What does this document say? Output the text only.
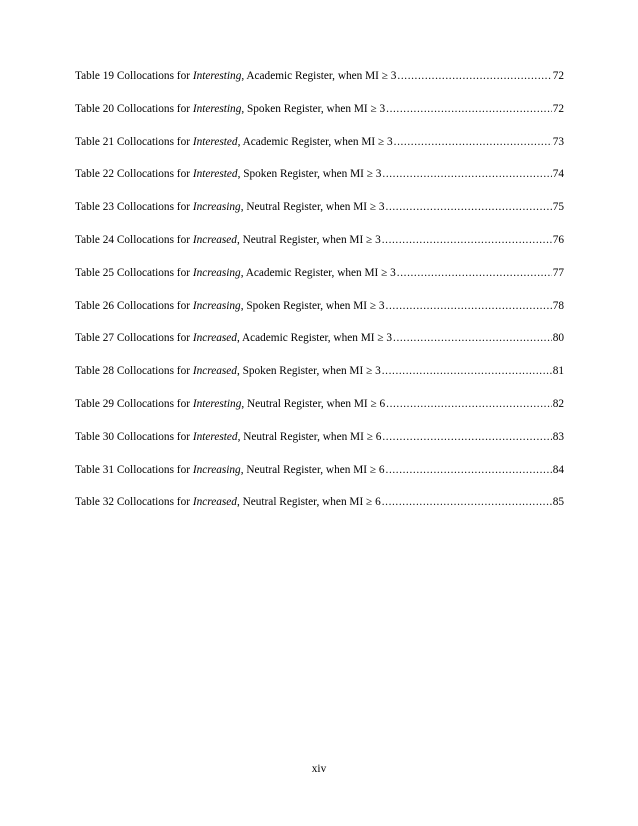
Table 19 Collocations for Interesting, Academic Register, when MI ≥ 3 .....	72
Table 20 Collocations for Interesting, Spoken Register, when MI ≥ 3 .....	72
Table 21 Collocations for Interested, Academic Register, when MI ≥ 3 .....	73
Table 22 Collocations for Interested, Spoken Register, when MI ≥ 3 .....	74
Table 23 Collocations for Increasing, Neutral Register, when MI ≥ 3 .....	75
Table 24 Collocations for Increased, Neutral Register, when MI ≥ 3 .....	76
Table 25 Collocations for Increasing, Academic Register, when MI ≥ 3 .....	77
Table 26 Collocations for Increasing, Spoken Register, when MI ≥ 3 .....	78
Table 27 Collocations for Increased, Academic Register, when MI ≥ 3 .....	80
Table 28 Collocations for Increased, Spoken Register, when MI ≥ 3 .....	81
Table 29 Collocations for Interesting, Neutral Register, when MI ≥ 6 .....	82
Table 30 Collocations for Interested, Neutral Register, when MI ≥ 6 .....	83
Table 31 Collocations for Increasing, Neutral Register, when MI ≥ 6 .....	84
Table 32 Collocations for Increased, Neutral Register, when MI ≥ 6 .....	85
xiv
